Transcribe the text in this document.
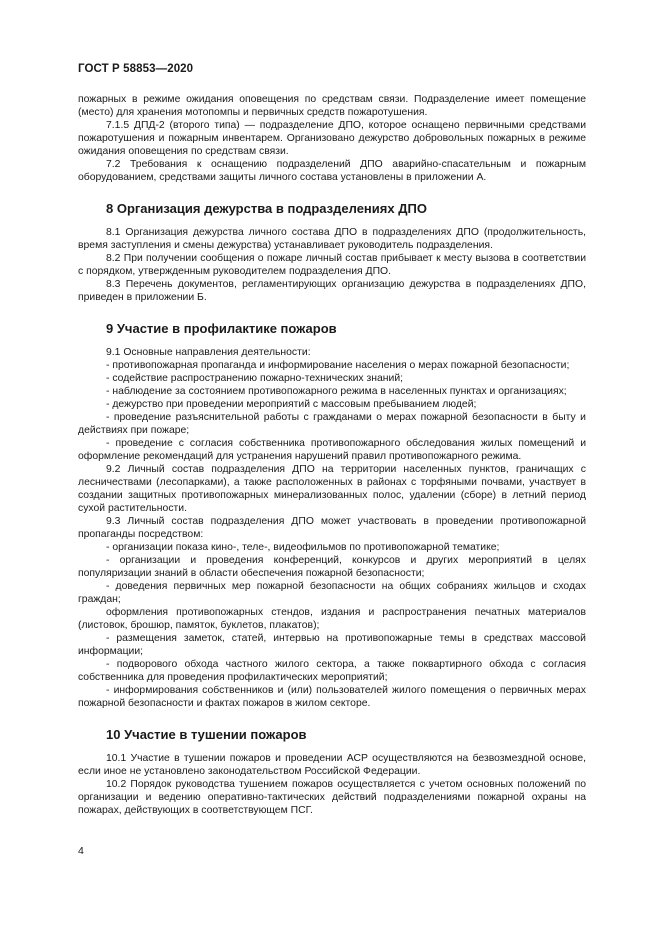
ГОСТ Р 58853—2020

пожарных в режиме ожидания оповещения по средствам связи. Подразделение имеет помещение (место) для хранения мотопомпы и первичных средств пожаротушения.

7.1.5 ДПД-2 (второго типа) — подразделение ДПО, которое оснащено первичными средствами пожаротушения и пожарным инвентарем. Организовано дежурство добровольных пожарных в режиме ожидания оповещения по средствам связи.

7.2 Требования к оснащению подразделений ДПО аварийно-спасательным и пожарным оборудованием, средствами защиты личного состава установлены в приложении А.

8 Организация дежурства в подразделениях ДПО

8.1 Организация дежурства личного состава ДПО в подразделениях ДПО (продолжительность, время заступления и смены дежурства) устанавливает руководитель подразделения.

8.2 При получении сообщения о пожаре личный состав прибывает к месту вызова в соответствии с порядком, утвержденным руководителем подразделения ДПО.

8.3 Перечень документов, регламентирующих организацию дежурства в подразделениях ДПО, приведен в приложении Б.

9 Участие в профилактике пожаров

9.1 Основные направления деятельности:

- противопожарная пропаганда и информирование населения о мерах пожарной безопасности;

- содействие распространению пожарно-технических знаний;

- наблюдение за состоянием противопожарного режима в населенных пунктах и организациях;

- дежурство при проведении мероприятий с массовым пребыванием людей;

- проведение разъяснительной работы с гражданами о мерах пожарной безопасности в быту и действиях при пожаре;

- проведение с согласия собственника противопожарного обследования жилых помещений и оформление рекомендаций для устранения нарушений правил противопожарного режима.

9.2 Личный состав подразделения ДПО на территории населенных пунктов, граничащих с лесничествами (лесопарками), а также расположенных в районах с торфяными почвами, участвует в создании защитных противопожарных минерализованных полос, удалении (сборе) в летний период сухой растительности.

9.3 Личный состав подразделения ДПО может участвовать в проведении противопожарной пропаганды посредством:

- организации показа кино-, теле-, видеофильмов по противопожарной тематике;

- организации и проведения конференций, конкурсов и других мероприятий в целях популяризации знаний в области обеспечения пожарной безопасности;

- доведения первичных мер пожарной безопасности на общих собраниях жильцов и сходах граждан;

оформления противопожарных стендов, издания и распространения печатных материалов (листовок, брошюр, памяток, буклетов, плакатов);

- размещения заметок, статей, интервью на противопожарные темы в средствах массовой информации;

- подворового обхода частного жилого сектора, а также поквартирного обхода с согласия собственника для проведения профилактических мероприятий;

- информирования собственников и (или) пользователей жилого помещения о первичных мерах пожарной безопасности и фактах пожаров в жилом секторе.

10 Участие в тушении пожаров

10.1 Участие в тушении пожаров и проведении АСР осуществляются на безвозмездной основе, если иное не установлено законодательством Российской Федерации.

10.2 Порядок руководства тушением пожаров осуществляется с учетом основных положений по организации и ведению оперативно-тактических действий подразделениями пожарной охраны на пожарах, действующих в соответствующем ПСГ.

4
